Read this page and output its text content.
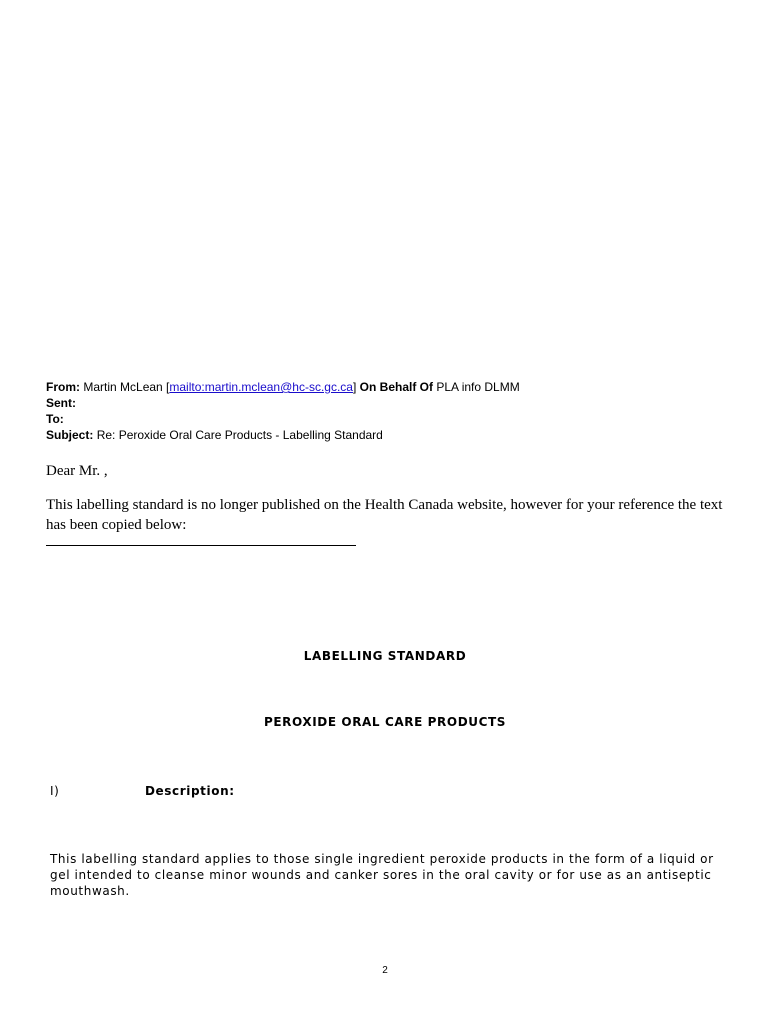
From: Martin McLean [mailto:martin.mclean@hc-sc.gc.ca] On Behalf Of PLA info DLMM
Sent:
To:
Subject: Re: Peroxide Oral Care Products - Labelling Standard
Dear Mr. ,
This labelling standard is no longer published on the Health Canada website, however for your reference the text has been copied below:
LABELLING STANDARD
PEROXIDE ORAL CARE PRODUCTS
I)	Description:
This labelling standard applies to those single ingredient peroxide products in the form of a liquid or gel intended to cleanse minor wounds and canker sores in the oral cavity or for use as an antiseptic mouthwash.
2
